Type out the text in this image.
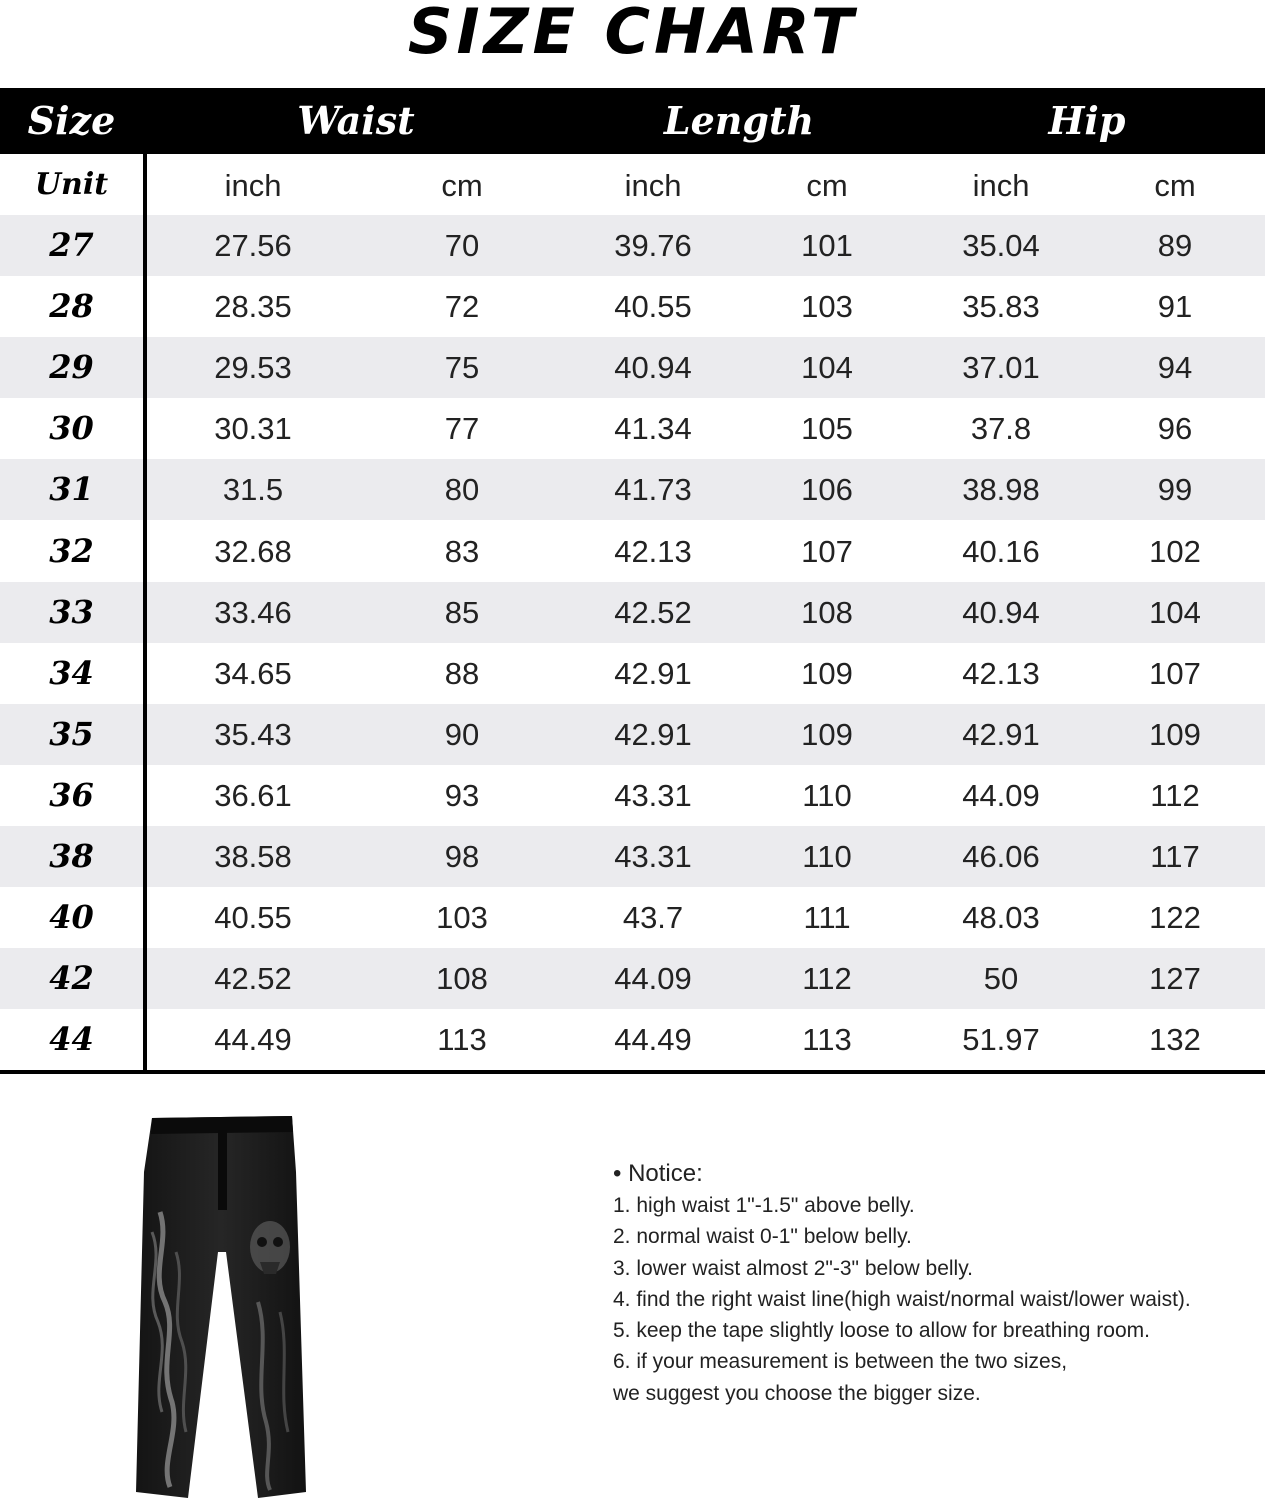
SIZE CHART
Size	Waist	Length	Hip
Unit	inch	cm	inch	cm	inch	cm
27	27.56	70	39.76	101	35.04	89
28	28.35	72	40.55	103	35.83	91
29	29.53	75	40.94	104	37.01	94
30	30.31	77	41.34	105	37.8	96
31	31.5	80	41.73	106	38.98	99
32	32.68	83	42.13	107	40.16	102
33	33.46	85	42.52	108	40.94	104
34	34.65	88	42.91	109	42.13	107
35	35.43	90	42.91	109	42.91	109
36	36.61	93	43.31	110	44.09	112
38	38.58	98	43.31	110	46.06	117
40	40.55	103	43.7	111	48.03	122
42	42.52	108	44.09	112	50	127
44	44.49	113	44.49	113	51.97	132
• Notice:
1. high waist 1"-1.5" above belly.
2. normal waist 0-1" below belly.
3. lower waist almost 2"-3" below belly.
4. find the right waist line(high waist/normal waist/lower waist).
5. keep the tape slightly loose to allow for breathing room.
6. if your measurement is between the two sizes,
we suggest you choose the bigger size.
